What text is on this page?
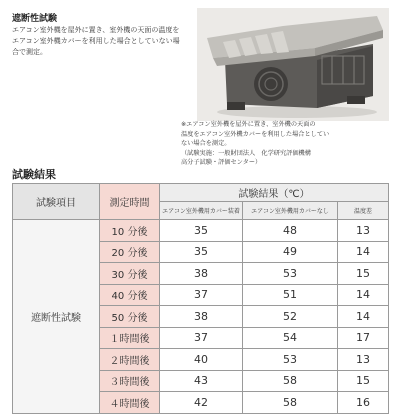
遮断性試験
エアコン室外機を屋外に置き、室外機の天面の温度をエアコン室外機カバーを利用した場合としていない場合で測定。
※エアコン室外機を屋外に置き、室外機の天面の
温度をエアコン室外機カバーを利用した場合としてい
ない場合を測定。
（試験実施：一般財団法人　化学研究評価機構
高分子試験・評価センター）
試験結果
試験項目	測定時間	試験結果（℃）		
		エアコン室外機用カバー装着	エアコン室外機用カバーなし	温度差
遮断性試験	10 分後	35	48	13
	20 分後	35	49	14
	30 分後	38	53	15
	40 分後	37	51	14
	50 分後	38	52	14
	１時間後	37	54	17
	２時間後	40	53	13
	３時間後	43	58	15
	４時間後	42	58	16
